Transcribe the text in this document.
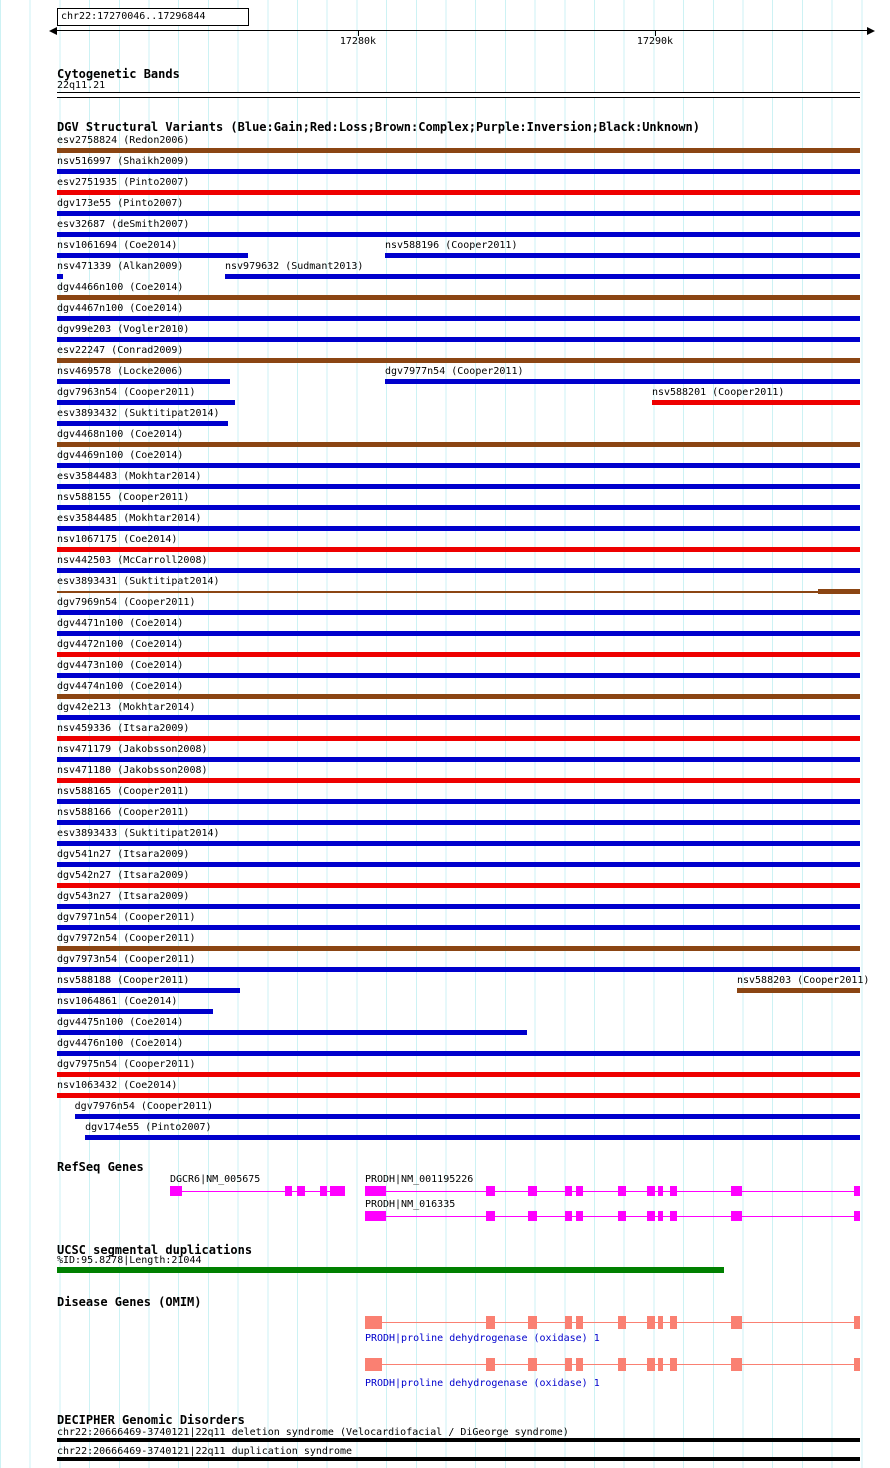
chr22:17270046..17296844
Cytogenetic Bands
22q11.21
DGV Structural Variants (Blue:Gain;Red:Loss;Brown:Complex;Purple:Inversion;Black:Unknown)
RefSeq Genes
UCSC segmental duplications
%ID:95.8278|Length:21044
Disease Genes (OMIM)
DECIPHER Genomic Disorders
17280k	17290k
esv2758824 (Redon2006)
nsv516997 (Shaikh2009)
esv2751935 (Pinto2007)
dgv173e55 (Pinto2007)
esv32687 (deSmith2007)
nsv1061694 (Coe2014)	nsv588196 (Cooper2011)
nsv471339 (Alkan2009)	nsv979632 (Sudmant2013)
dgv4466n100 (Coe2014)
dgv4467n100 (Coe2014)
dgv99e203 (Vogler2010)
esv22247 (Conrad2009)
nsv469578 (Locke2006)	dgv7977n54 (Cooper2011)
dgv7963n54 (Cooper2011)	nsv588201 (Cooper2011)
esv3893432 (Suktitipat2014)
dgv4468n100 (Coe2014)
dgv4469n100 (Coe2014)
esv3584483 (Mokhtar2014)
nsv588155 (Cooper2011)
esv3584485 (Mokhtar2014)
nsv1067175 (Coe2014)
nsv442503 (McCarroll2008)
esv3893431 (Suktitipat2014)
dgv7969n54 (Cooper2011)
dgv4471n100 (Coe2014)
dgv4472n100 (Coe2014)
dgv4473n100 (Coe2014)
dgv4474n100 (Coe2014)
dgv42e213 (Mokhtar2014)
nsv459336 (Itsara2009)
nsv471179 (Jakobsson2008)
nsv471180 (Jakobsson2008)
nsv588165 (Cooper2011)
nsv588166 (Cooper2011)
esv3893433 (Suktitipat2014)
dgv541n27 (Itsara2009)
dgv542n27 (Itsara2009)
dgv543n27 (Itsara2009)
dgv7971n54 (Cooper2011)
dgv7972n54 (Cooper2011)
dgv7973n54 (Cooper2011)
nsv588188 (Cooper2011)	nsv588203 (Cooper2011)
nsv1064861 (Coe2014)
dgv4475n100 (Coe2014)
dgv4476n100 (Coe2014)
dgv7975n54 (Cooper2011)
nsv1063432 (Coe2014)
dgv7976n54 (Cooper2011)
dgv174e55 (Pinto2007)
DGCR6|NM_005675	PRODH|NM_001195226
PRODH|NM_016335
PRODH|proline dehydrogenase (oxidase) 1
PRODH|proline dehydrogenase (oxidase) 1
chr22:20666469-3740121|22q11 deletion syndrome (Velocardiofacial / DiGeorge syndrome)
chr22:20666469-3740121|22q11 duplication syndrome
